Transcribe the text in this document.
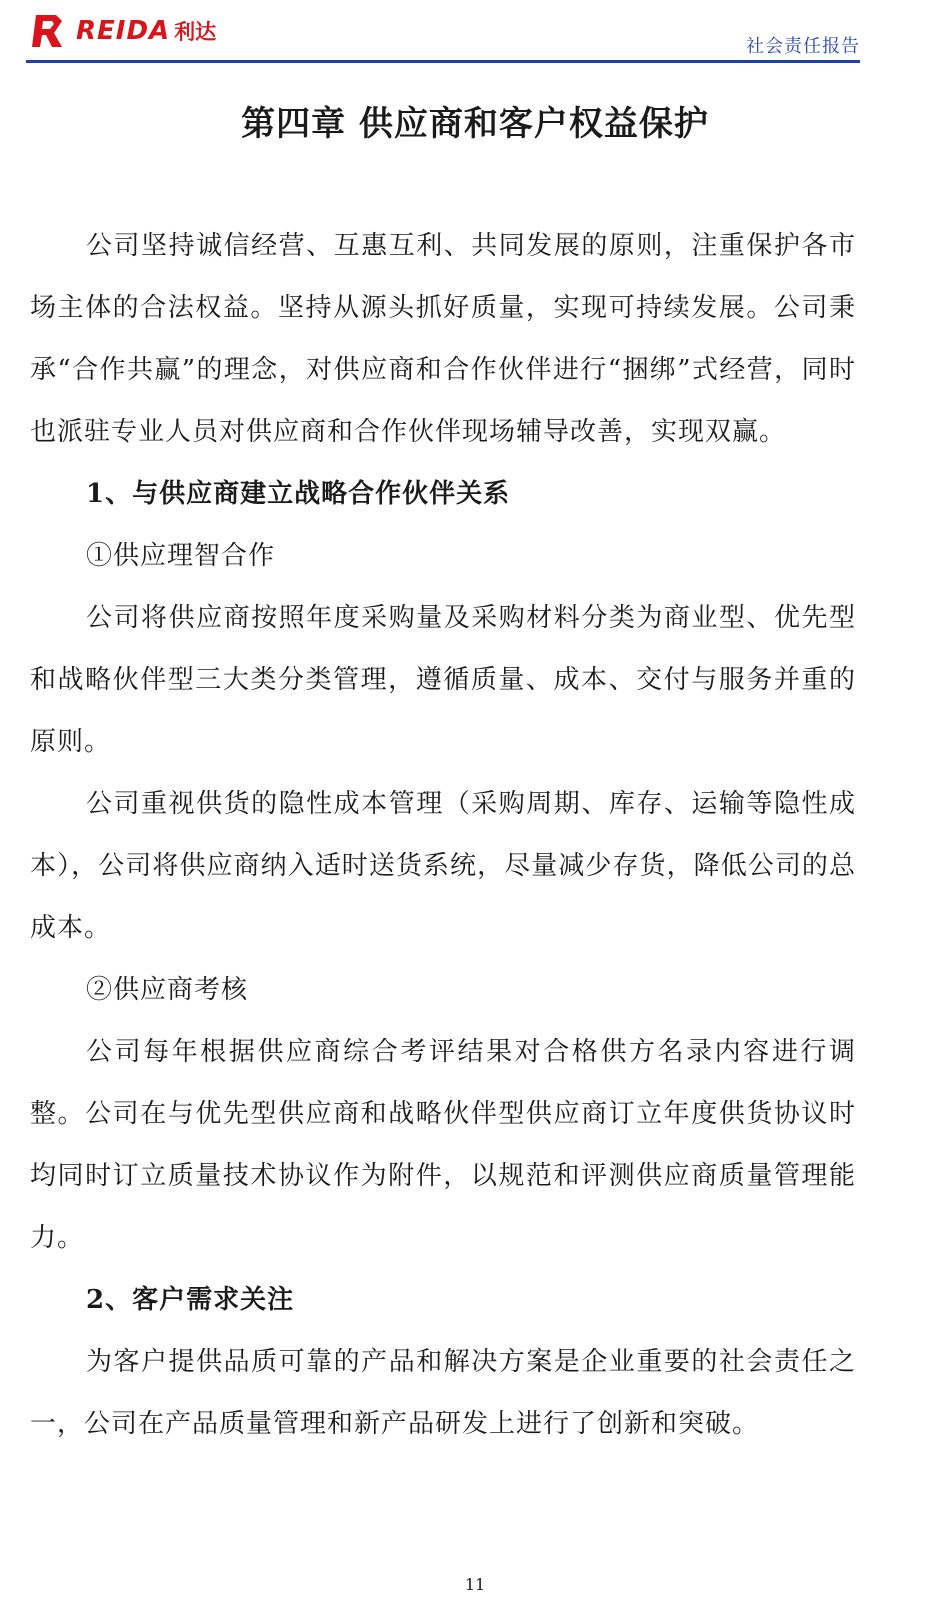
REIDA 利达
社会责任报告
第四章 供应商和客户权益保护

公司坚持诚信经营、互惠互利、共同发展的原则，注重保护各市场主体的合法权益。坚持从源头抓好质量，实现可持续发展。公司秉承“合作共赢”的理念，对供应商和合作伙伴进行“捆绑”式经营，同时也派驻专业人员对供应商和合作伙伴现场辅导改善，实现双赢。

1、与供应商建立战略合作伙伴关系
①供应理智合作

公司将供应商按照年度采购量及采购材料分类为商业型、优先型和战略伙伴型三大类分类管理，遵循质量、成本、交付与服务并重的原则。

公司重视供货的隐性成本管理（采购周期、库存、运输等隐性成本），公司将供应商纳入适时送货系统，尽量减少存货，降低公司的总成本。

②供应商考核

公司每年根据供应商综合考评结果对合格供方名录内容进行调整。公司在与优先型供应商和战略伙伴型供应商订立年度供货协议时均同时订立质量技术协议作为附件，以规范和评测供应商质量管理能力。

2、客户需求关注

为客户提供品质可靠的产品和解决方案是企业重要的社会责任之一，公司在产品质量管理和新产品研发上进行了创新和突破。

11
